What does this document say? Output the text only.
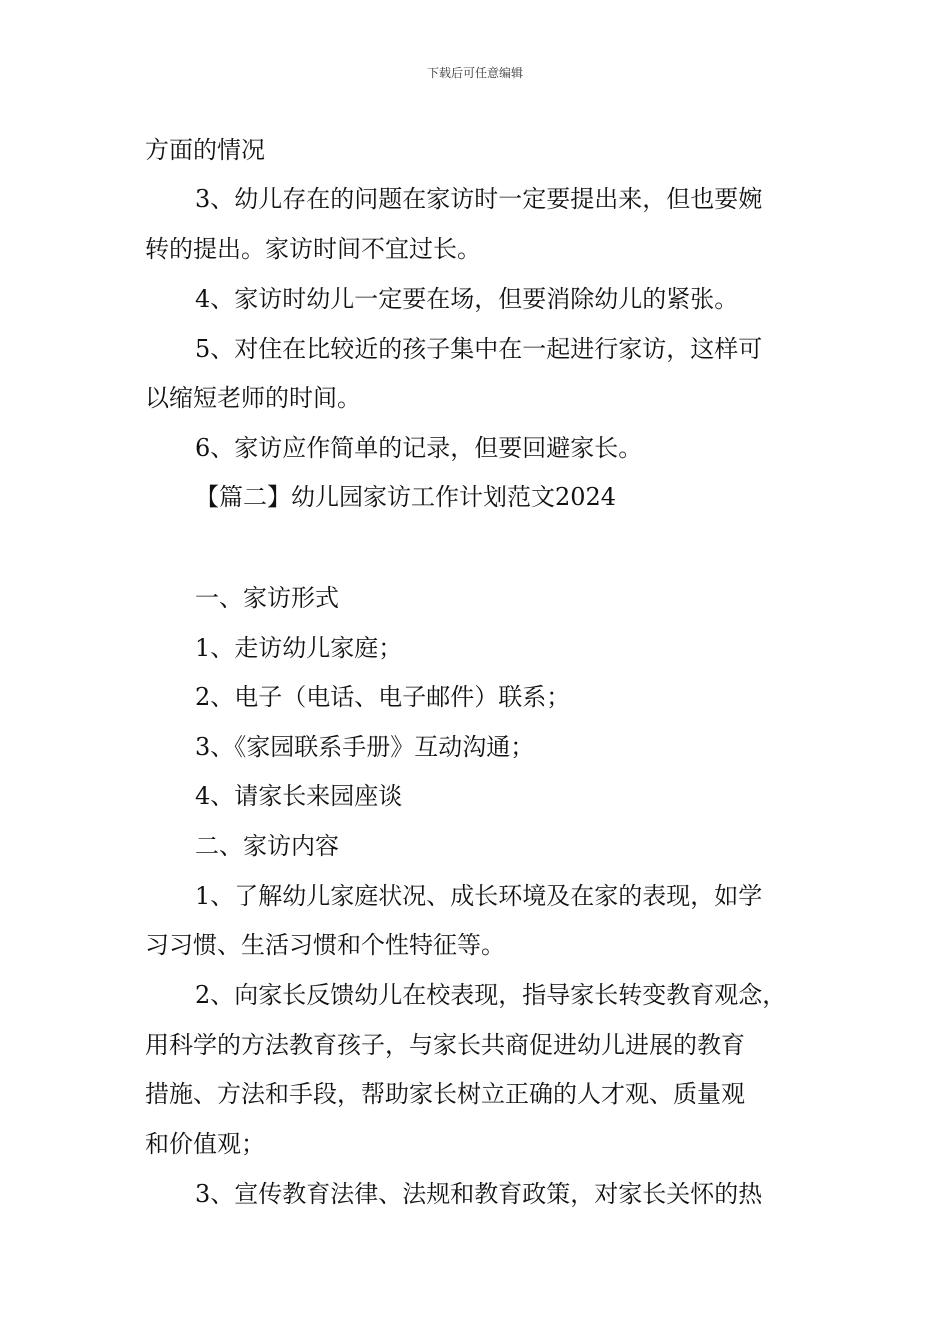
下载后可任意编辑
方面的情况
3、幼儿存在的问题在家访时一定要提出来，但也要婉
转的提出。家访时间不宜过长。
4、家访时幼儿一定要在场，但要消除幼儿的紧张。
5、对住在比较近的孩子集中在一起进行家访，这样可
以缩短老师的时间。
6、家访应作简单的记录，但要回避家长。
【篇二】幼儿园家访工作计划范文2024
一、家访形式
1、走访幼儿家庭；
2、电子（电话、电子邮件）联系；
3、《家园联系手册》互动沟通；
4、请家长来园座谈
二、家访内容
1、了解幼儿家庭状况、成长环境及在家的表现，如学
习习惯、生活习惯和个性特征等。
2、向家长反馈幼儿在校表现，指导家长转变教育观念，
用科学的方法教育孩子，与家长共商促进幼儿进展的教育
措施、方法和手段，帮助家长树立正确的人才观、质量观
和价值观；
3、宣传教育法律、法规和教育政策，对家长关怀的热
